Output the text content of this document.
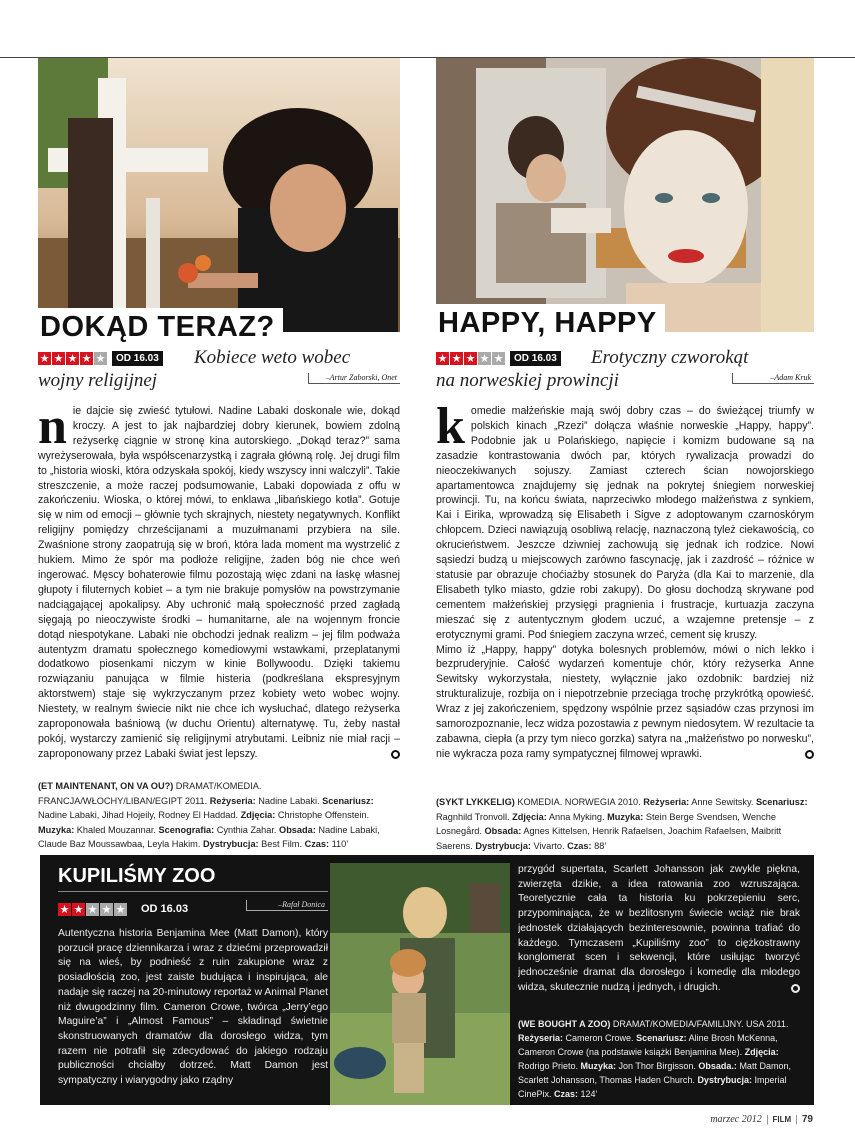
DOKĄD TERAZ?	HAPPY, HAPPY
★ ★ ★ ★ ★	OD 16.03 Kobiece weto wobec
wojny religijnej	–Artur Zaborski, Onet
★ ★ ★ ★ ★	OD 16.03 Erotyczny czworokąt
na norweskiej prowincji	–Adam Kruk
nie dajcie się zwieść tytułowi. Nadine Labaki doskonale wie, dokąd kroczy. A jest to jak najbardziej dobry kierunek, bowiem zdolną reżyserkę ciągnie w stronę kina autorskiego. „Dokąd teraz?” sama wyreżyserowała, była współscenarzystką i zagrała główną rolę. Jej drugi film to „historia wioski, która odzyskała spokój, kiedy wszyscy inni walczyli”. Takie streszczenie, a może raczej podsumowanie, Labaki dopowiada z offu w zakończeniu. Wioska, o której mówi, to enklawa „libańskiego kotła”. Gotuje się w nim od emocji – głównie tych skrajnych, niestety negatywnych. Konflikt religijny pomiędzy chrześcijanami a muzułmanami przybiera na sile. Zwaśnione strony zaopatrują się w broń, która lada moment ma wystrzelić z hukiem. Mimo że spór ma podłoże religijne, żaden bóg nie chce weń ingerować. Męscy bohaterowie filmu pozostają więc zdani na łaskę własnej głupoty i filuternych kobiet – a tym nie brakuje pomysłów na powstrzymanie nadciągającej apokalipsy. Aby uchronić małą społeczność przed zagładą sięgają po nieoczywiste środki – humanitarne, ale na wojennym froncie dotąd niespotykane. Labaki nie obchodzi jednak realizm – jej film podważa autentyzm dramatu społecznego komediowymi wstawkami, przeplatanymi dodatkowo piosenkami niczym w kinie Bollywoodu. Dzięki takiemu rozwiązaniu panująca w filmie histeria (podkreślana ekspresyjnym aktorstwem) staje się wykrzyczanym przez kobiety weto wobec wojny. Niestety, w realnym świecie nikt nie chce ich wysłuchać, dlatego reżyserka zaproponowała baśniową (w duchu Orientu) alternatywę. Tu, żeby nastał pokój, wystarczy zamienić się religijnymi atrybutami. Leibniz nie miał racji – zaproponowany przez Labaki świat jest lepszy.
(ET MAINTENANT, ON VA OU?) DRAMAT/KOMEDIA. FRANCJA/WŁOCHY/LIBAN/EGIPT 2011. Reżyseria: Nadine Labaki. Scenariusz: Nadine Labaki, Jihad Hojeily, Rodney El Haddad. Zdjęcia: Christophe Offenstein. Muzyka: Khaled Mouzannar. Scenografia: Cynthia Zahar. Obsada: Nadine Labaki, Claude Baz Moussawbaa, Leyla Hakim. Dystrybucja: Best Film. Czas: 110’
komedie małżeńskie mają swój dobry czas – do świeżącej triumfy w polskich kinach „Rzezi” dołącza właśnie norweskie „Happy, happy”. Podobnie jak u Polańskiego, napięcie i komizm budowane są na zasadzie kontrastowania dwóch par, których rywalizacja prowadzi do nieoczekiwanych sojuszy. Zamiast czterech ścian nowojorskiego apartamentowca znajdujemy się jednak na pokrytej śniegiem norweskiej prowincji. Tu, na końcu świata, naprzeciwko młodego małżeństwa z synkiem, Kai i Eirika, wprowadzą się Elisabeth i Sigve z adoptowanym czarnoskórym chłopcem. Dzieci nawiązują osobliwą relację, naznaczoną tyleż ciekawością, co okrucieństwem. Jeszcze dziwniej zachowują się jednak ich rodzice. Nowi sąsiedzi budzą u miejscowych zarówno fascynację, jak i zazdrość – różnice w statusie par obrazuje choćiażby stosunek do Paryża (dla Kai to marzenie, dla Elisabeth tylko miasto, gdzie robi zakupy). Do głosu dochodzą skrywane pod cementem małżeńskiej przysięgi pragnienia i frustracje, kurtuazja zaczyna mieszać się z autentycznym głodem uczuć, a wzajemne pretensje – z erotycznymi grami. Pod śniegiem zaczyna wrzeć, cement się kruszy.
Mimo iż „Happy, happy” dotyka bolesnych problemów, mówi o nich lekko i bezpruderyjnie. Całość wydarzeń komentuje chór, który reżyserka Anne Sewitsky wykorzystała, niestety, wyłącznie jako ozdobnik: bardziej niż strukturalizuje, rozbija on i niepotrzebnie przeciąga trochę przykrótką opowieść. Wraz z jej zakończeniem, spędzony wspólnie przez sąsiadów czas przynosi im samorozpoznanie, lecz widza pozostawia z pewnym niedosytem. W rezultacie ta zabawna, ciepła (a przy tym nieco gorzka) satyra na „małżeństwo po norwesku”, nie wykracza poza ramy sympatycznej filmowej wprawki.
(SYKT LYKKELIG) KOMEDIA. NORWEGIA 2010. Reżyseria: Anne Sewitsky. Scenariusz: Ragnhild Tronvoll. Zdjęcia: Anna Myking. Muzyka: Stein Berge Svendsen, Wenche Losnegård. Obsada: Agnes Kittelsen, Henrik Rafaelsen, Joachim Rafaelsen, Maibritt Saerens. Dystrybucja: Vivarto. Czas: 88’
KUPILIŚMY ZOO
★ ★ ★ ★ ★	OD 16.03	–Rafał Donica
Autentyczna historia Benjamina Mee (Matt Damon), który porzucił pracę dziennikarza i wraz z dziećmi przeprowadził się na wieś, by podnieść z ruin zakupione wraz z posiadłością zoo, jest zaiste budująca i inspirująca, ale nadaje się raczej na 20-minutowy reportaż w Animal Planet niż dwugodzinny film. Cameron Crowe, twórca „Jerry’ego Maguire’a” i „Almost Famous” – składinąd świetnie skonstruowanych dramatów dla dorosłego widza, tym razem nie potrafił się zdecydować do jakiego rodzaju publiczności chciałby dotrzeć. Matt Damon jest sympatyczny i wiarygodny jako rządny
przygód supertata, Scarlett Johansson jak zwykle piękna, zwierzęta dzikie, a idea ratowania zoo wzruszająca. Teoretycznie cała ta historia ku pokrzepieniu serc, przypominająca, że w bezlitosnym świecie wciąż nie brak jednostek działających bezinteresownie, powinna trafiać do każdego. Tymczasem „Kupiliśmy zoo” to ciężkostrawny konglomerat scen i sekwencji, które usiłując tworzyć jednocześnie dramat dla dorosłego i komedię dla młodego widza, skutecznie nudzą i jednych, i drugich.
(WE BOUGHT A ZOO) DRAMAT/KOMEDIA/FAMILIJNY. USA 2011. Reżyseria: Cameron Crowe. Scenariusz: Aline Brosh McKenna, Cameron Crowe (na podstawie książki Benjamina Mee). Zdjęcia: Rodrigo Prieto. Muzyka: Jon Thor Birgisson. Obsada.: Matt Damon, Scarlett Johansson, Thomas Haden Church. Dystrybucja: Imperial CinePix. Czas: 124’
marzec 2012 | FILM | 79
